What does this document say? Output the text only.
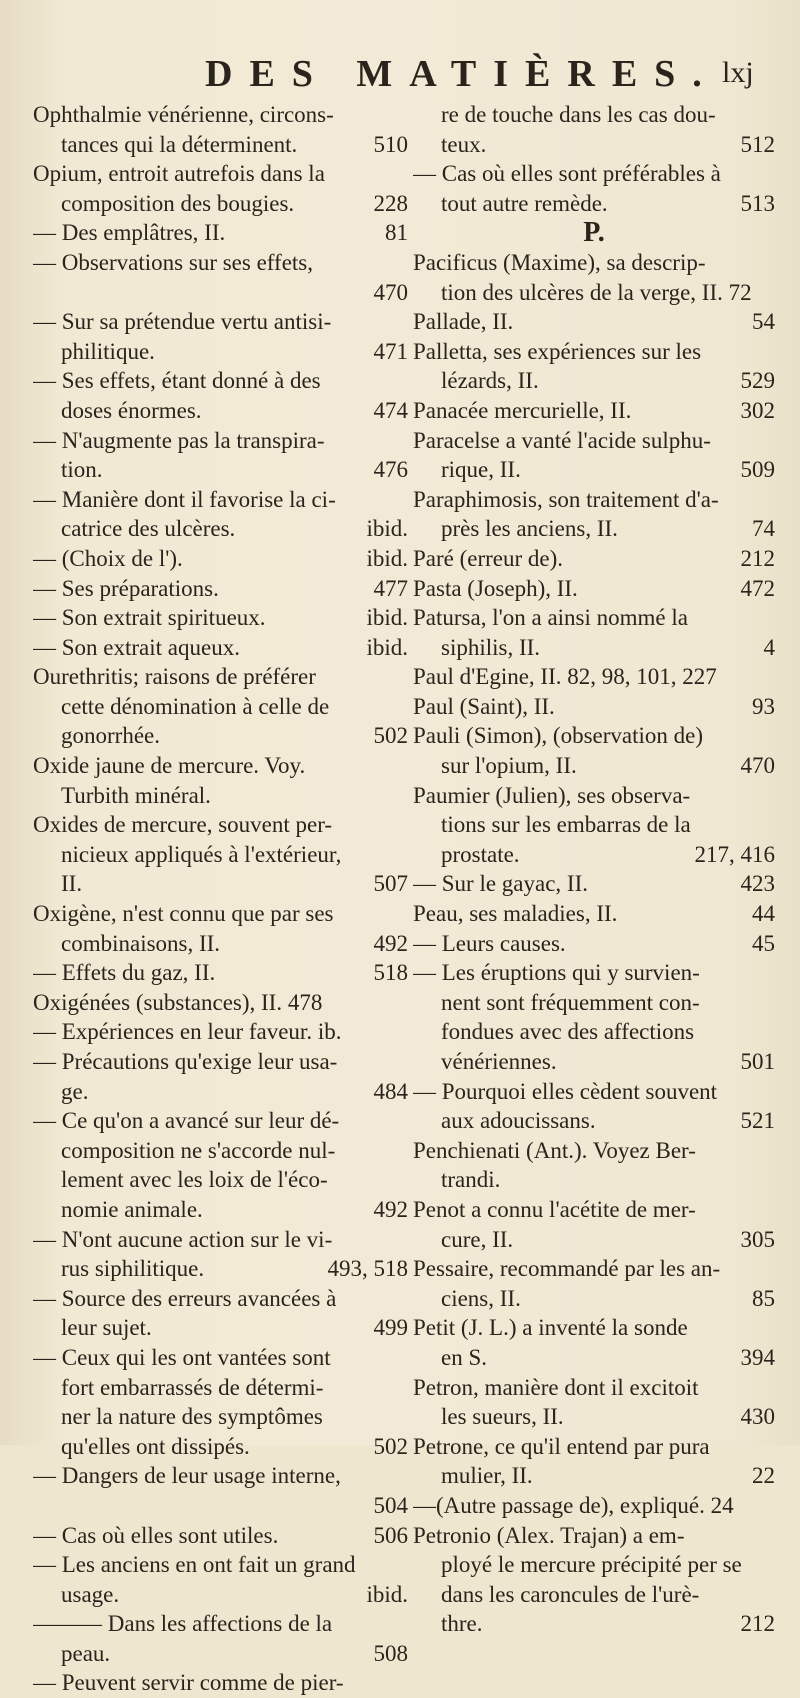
DES MATIÈRES. lxj
Ophthalmie vénérienne, circons-
tances qui la déterminent.	510
Opium, entroit autrefois dans la
composition des bougies.	228
— Des emplâtres, II.	81
— Observations sur ses effets,
470
— Sur sa prétendue vertu antisi-
philitique.	471
— Ses effets, étant donné à des
doses énormes.	474
— N'augmente pas la transpira-
tion.	476
— Manière dont il favorise la ci-
catrice des ulcères.	ibid.
— (Choix de l').	ibid.
— Ses préparations.	477
— Son extrait spiritueux.	ibid.
— Son extrait aqueux.	ibid.
Ourethritis; raisons de préférer
cette dénomination à celle de
gonorrhée.	502
Oxide jaune de mercure. Voy.
Turbith minéral.
Oxides de mercure, souvent per-
nicieux appliqués à l'extérieur,
II.	507
Oxigène, n'est connu que par ses
combinaisons, II.	492
— Effets du gaz, II.	518
Oxigénées (substances), II. 478
— Expériences en leur faveur. ib.
— Précautions qu'exige leur usa-
ge.	484
— Ce qu'on a avancé sur leur dé-
composition ne s'accorde nul-
lement avec les loix de l'éco-
nomie animale.	492
— N'ont aucune action sur le vi-
rus siphilitique.	493, 518
— Source des erreurs avancées à
leur sujet.	499
— Ceux qui les ont vantées sont
fort embarrassés de détermi-
ner la nature des symptômes
qu'elles ont dissipés.	502
— Dangers de leur usage interne,
504
— Cas où elles sont utiles.	506
— Les anciens en ont fait un grand
usage.	ibid.
——— Dans les affections de la
peau.	508
— Peuvent servir comme de pier-
re de touche dans les cas dou-
teux.	512
— Cas où elles sont préférables à
tout autre remède.	513
P.
Pacificus (Maxime), sa descrip-
tion des ulcères de la verge, II. 72
Pallade, II.	54
Palletta, ses expériences sur les
lézards, II.	529
Panacée mercurielle, II.	302
Paracelse a vanté l'acide sulphu-
rique, II.	509
Paraphimosis, son traitement d'a-
près les anciens, II.	74
Paré (erreur de).	212
Pasta (Joseph), II.	472
Patursa, l'on a ainsi nommé la
siphilis, II.	4
Paul d'Egine, II. 82, 98, 101, 227
Paul (Saint), II.	93
Pauli (Simon), (observation de)
sur l'opium, II.	470
Paumier (Julien), ses observa-
tions sur les embarras de la
prostate.	217, 416
— Sur le gayac, II.	423
Peau, ses maladies, II.	44
— Leurs causes.	45
— Les éruptions qui y survien-
nent sont fréquemment con-
fondues avec des affections
vénériennes.	501
— Pourquoi elles cèdent souvent
aux adoucissans.	521
Penchienati (Ant.). Voyez Ber-
trandi.
Penot a connu l'acétite de mer-
cure, II.	305
Pessaire, recommandé par les an-
ciens, II.	85
Petit (J. L.) a inventé la sonde
en S.	394
Petron, manière dont il excitoit
les sueurs, II.	430
Petrone, ce qu'il entend par pura
mulier, II.	22
—(Autre passage de), expliqué. 24
Petronio (Alex. Trajan) a em-
ployé le mercure précipité per se
dans les caroncules de l'urè-
thre.	212
